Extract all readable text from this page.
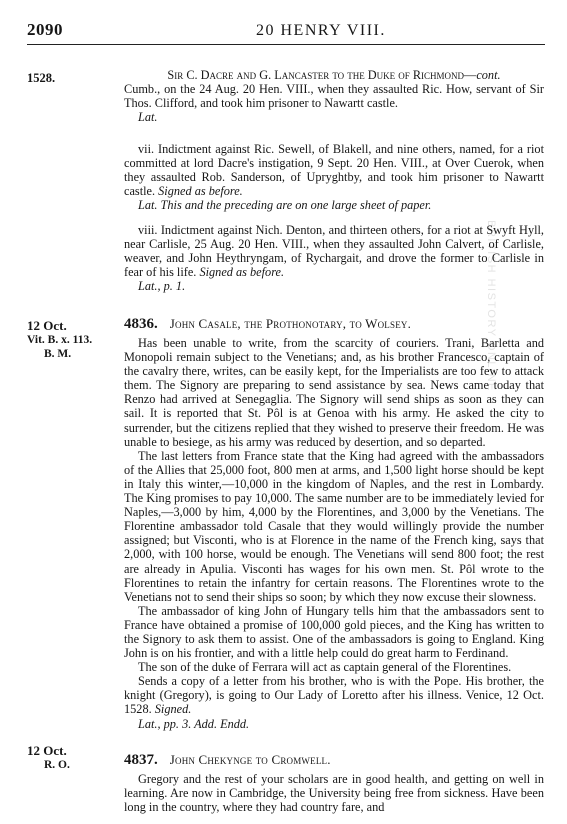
BRITISH HISTORY ONLINE
2090	20 HENRY VIII.
1528.	Sir C. Dacre and G. Lancaster to the Duke of Richmond—cont.

Cumb., on the 24 Aug. 20 Hen. VIII., when they assaulted Ric. How, servant of Sir Thos. Clifford, and took him prisoner to Nawartt castle.

Lat.

vii. Indictment against Ric. Sewell, of Blakell, and nine others, named, for a riot committed at lord Dacre's instigation, 9 Sept. 20 Hen. VIII., at Over Cuerok, when they assaulted Rob. Sanderson, of Upryghtby, and took him prisoner to Nawartt castle. Signed as before.

Lat. This and the preceding are on one large sheet of paper.

viii. Indictment against Nich. Denton, and thirteen others, for a riot at Swyft Hyll, near Carlisle, 25 Aug. 20 Hen. VIII., when they assaulted John Calvert, of Carlisle, weaver, and John Heythryngam, of Rychargait, and drove the former to Carlisle in fear of his life. Signed as before.

Lat., p. 1.

12 Oct.
Vit. B. x. 113.
B. M.
4836. John Casale, the Prothonotary, to Wolsey.

Has been unable to write, from the scarcity of couriers. Trani, Barletta and Monopoli remain subject to the Venetians; and, as his brother Francesco, captain of the cavalry there, writes, can be easily kept, for the Imperialists are too few to attack them. The Signory are preparing to send assistance by sea. News came today that Renzo had arrived at Senegaglia. The Signory will send ships as soon as they can sail. It is reported that St. Pôl is at Genoa with his army. He asked the city to surrender, but the citizens replied that they wished to preserve their freedom. He was unable to besiege, as his army was reduced by desertion, and so departed.

The last letters from France state that the King had agreed with the ambassadors of the Allies that 25,000 foot, 800 men at arms, and 1,500 light horse should be kept in Italy this winter,—10,000 in the kingdom of Naples, and the rest in Lombardy. The King promises to pay 10,000. The same number are to be immediately levied for Naples,—3,000 by him, 4,000 by the Florentines, and 3,000 by the Venetians. The Florentine ambassador told Casale that they would willingly provide the number assigned; but Visconti, who is at Florence in the name of the French king, says that 2,000, with 100 horse, would be enough. The Venetians will send 800 foot; the rest are already in Apulia. Visconti has wages for his own men. St. Pôl wrote to the Florentines to retain the infantry for certain reasons. The Florentines wrote to the Venetians not to send their ships so soon; by which they now excuse their slowness.

The ambassador of king John of Hungary tells him that the ambassadors sent to France have obtained a promise of 100,000 gold pieces, and the King has written to the Signory to ask them to assist. One of the ambassadors is going to England. King John is on his frontier, and with a little help could do great harm to Ferdinand.

The son of the duke of Ferrara will act as captain general of the Florentines.

Sends a copy of a letter from his brother, who is with the Pope. His brother, the knight (Gregory), is going to Our Lady of Loretto after his illness. Venice, 12 Oct. 1528. Signed.

Lat., pp. 3. Add. Endd.

12 Oct.
R. O.	4837. John Chekynge to Cromwell.

Gregory and the rest of your scholars are in good health, and getting on well in learning. Are now in Cambridge, the University being free from sickness. Have been long in the country, where they had country fare, and
